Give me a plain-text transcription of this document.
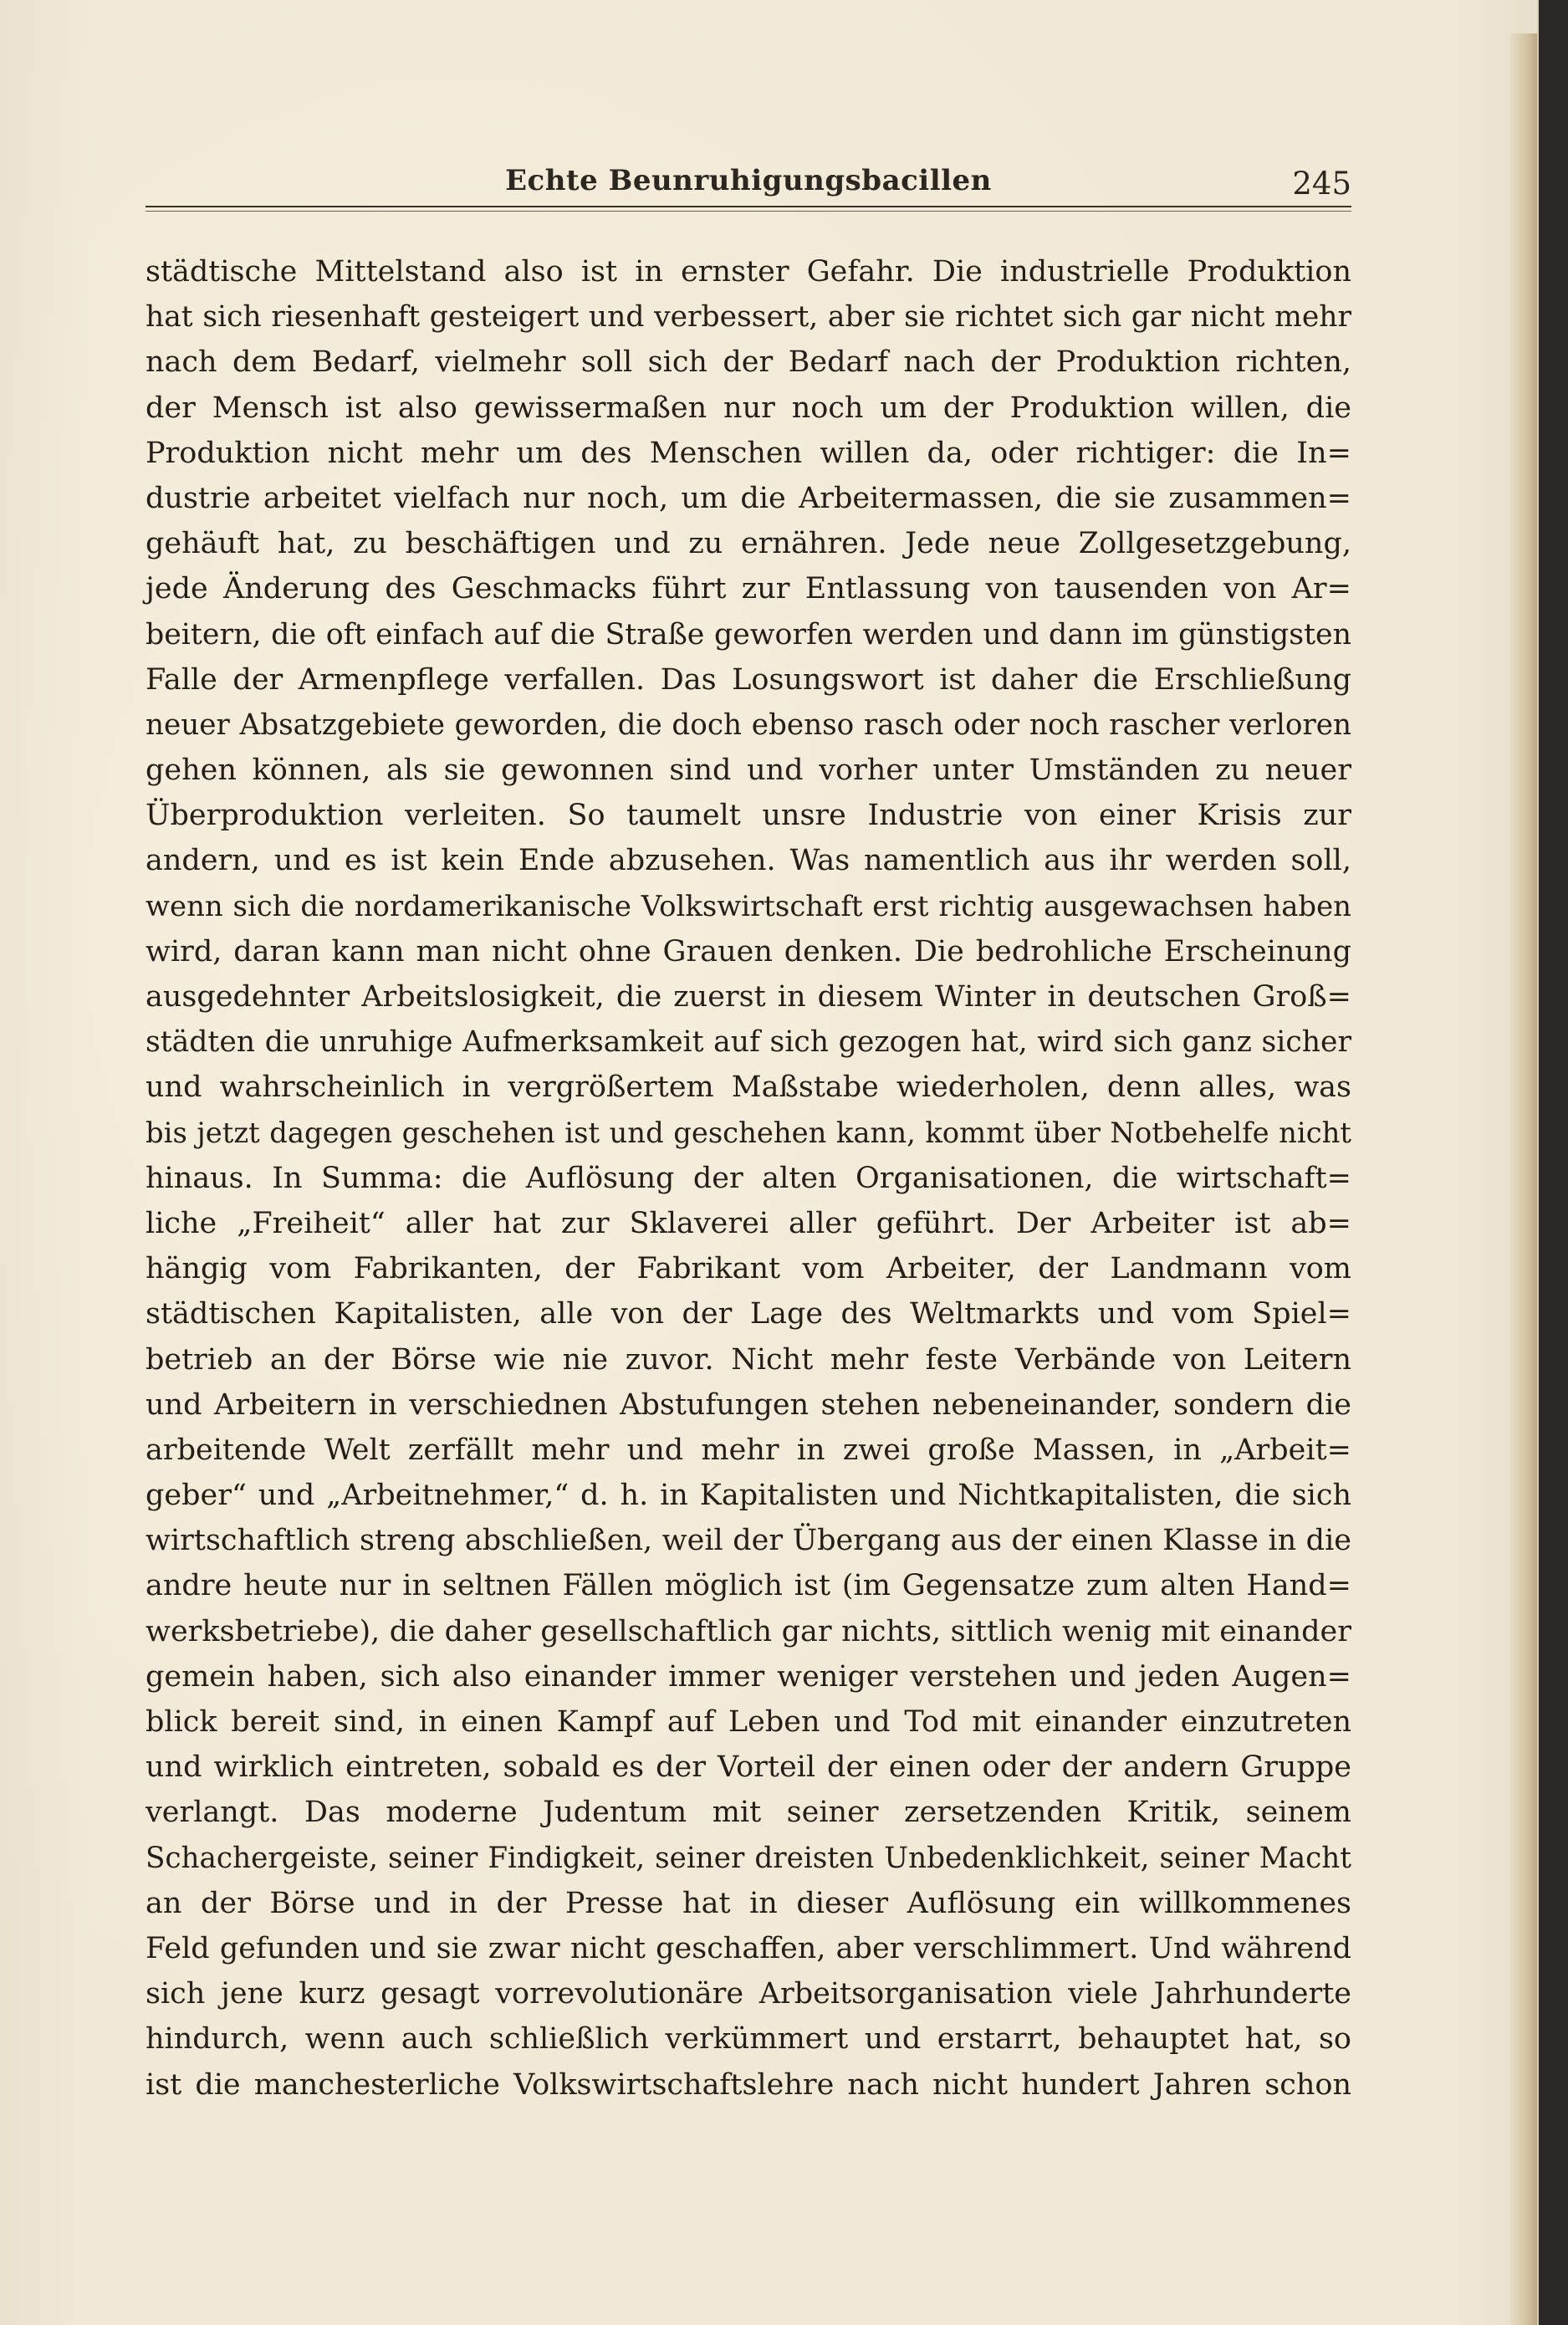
Echte Beunruhigungsbacillen	245
städtische Mittelstand also ist in ernster Gefahr. Die industrielle Produktion
hat sich riesenhaft gesteigert und verbessert, aber sie richtet sich gar nicht mehr
nach dem Bedarf, vielmehr soll sich der Bedarf nach der Produktion richten,
der Mensch ist also gewissermaßen nur noch um der Produktion willen, die
Produktion nicht mehr um des Menschen willen da, oder richtiger: die In=
dustrie arbeitet vielfach nur noch, um die Arbeitermassen, die sie zusammen=
gehäuft hat, zu beschäftigen und zu ernähren. Jede neue Zollgesetzgebung,
jede Änderung des Geschmacks führt zur Entlassung von tausenden von Ar=
beitern, die oft einfach auf die Straße geworfen werden und dann im günstigsten
Falle der Armenpflege verfallen. Das Losungswort ist daher die Erschließung
neuer Absatzgebiete geworden, die doch ebenso rasch oder noch rascher verloren
gehen können, als sie gewonnen sind und vorher unter Umständen zu neuer
Überproduktion verleiten. So taumelt unsre Industrie von einer Krisis zur
andern, und es ist kein Ende abzusehen. Was namentlich aus ihr werden soll,
wenn sich die nordamerikanische Volkswirtschaft erst richtig ausgewachsen haben
wird, daran kann man nicht ohne Grauen denken. Die bedrohliche Erscheinung
ausgedehnter Arbeitslosigkeit, die zuerst in diesem Winter in deutschen Groß=
städten die unruhige Aufmerksamkeit auf sich gezogen hat, wird sich ganz sicher
und wahrscheinlich in vergrößertem Maßstabe wiederholen, denn alles, was
bis jetzt dagegen geschehen ist und geschehen kann, kommt über Notbehelfe nicht
hinaus. In Summa: die Auflösung der alten Organisationen, die wirtschaft=
liche „Freiheit“ aller hat zur Sklaverei aller geführt. Der Arbeiter ist ab=
hängig vom Fabrikanten, der Fabrikant vom Arbeiter, der Landmann vom
städtischen Kapitalisten, alle von der Lage des Weltmarkts und vom Spiel=
betrieb an der Börse wie nie zuvor. Nicht mehr feste Verbände von Leitern
und Arbeitern in verschiednen Abstufungen stehen nebeneinander, sondern die
arbeitende Welt zerfällt mehr und mehr in zwei große Massen, in „Arbeit=
geber“ und „Arbeitnehmer,“ d. h. in Kapitalisten und Nichtkapitalisten, die sich
wirtschaftlich streng abschließen, weil der Übergang aus der einen Klasse in die
andre heute nur in seltnen Fällen möglich ist (im Gegensatze zum alten Hand=
werksbetriebe), die daher gesellschaftlich gar nichts, sittlich wenig mit einander
gemein haben, sich also einander immer weniger verstehen und jeden Augen=
blick bereit sind, in einen Kampf auf Leben und Tod mit einander einzutreten
und wirklich eintreten, sobald es der Vorteil der einen oder der andern Gruppe
verlangt. Das moderne Judentum mit seiner zersetzenden Kritik, seinem
Schachergeiste, seiner Findigkeit, seiner dreisten Unbedenklichkeit, seiner Macht
an der Börse und in der Presse hat in dieser Auflösung ein willkommenes
Feld gefunden und sie zwar nicht geschaffen, aber verschlimmert. Und während
sich jene kurz gesagt vorrevolutionäre Arbeitsorganisation viele Jahrhunderte
hindurch, wenn auch schließlich verkümmert und erstarrt, behauptet hat, so
ist die manchesterliche Volkswirtschaftslehre nach nicht hundert Jahren schon
